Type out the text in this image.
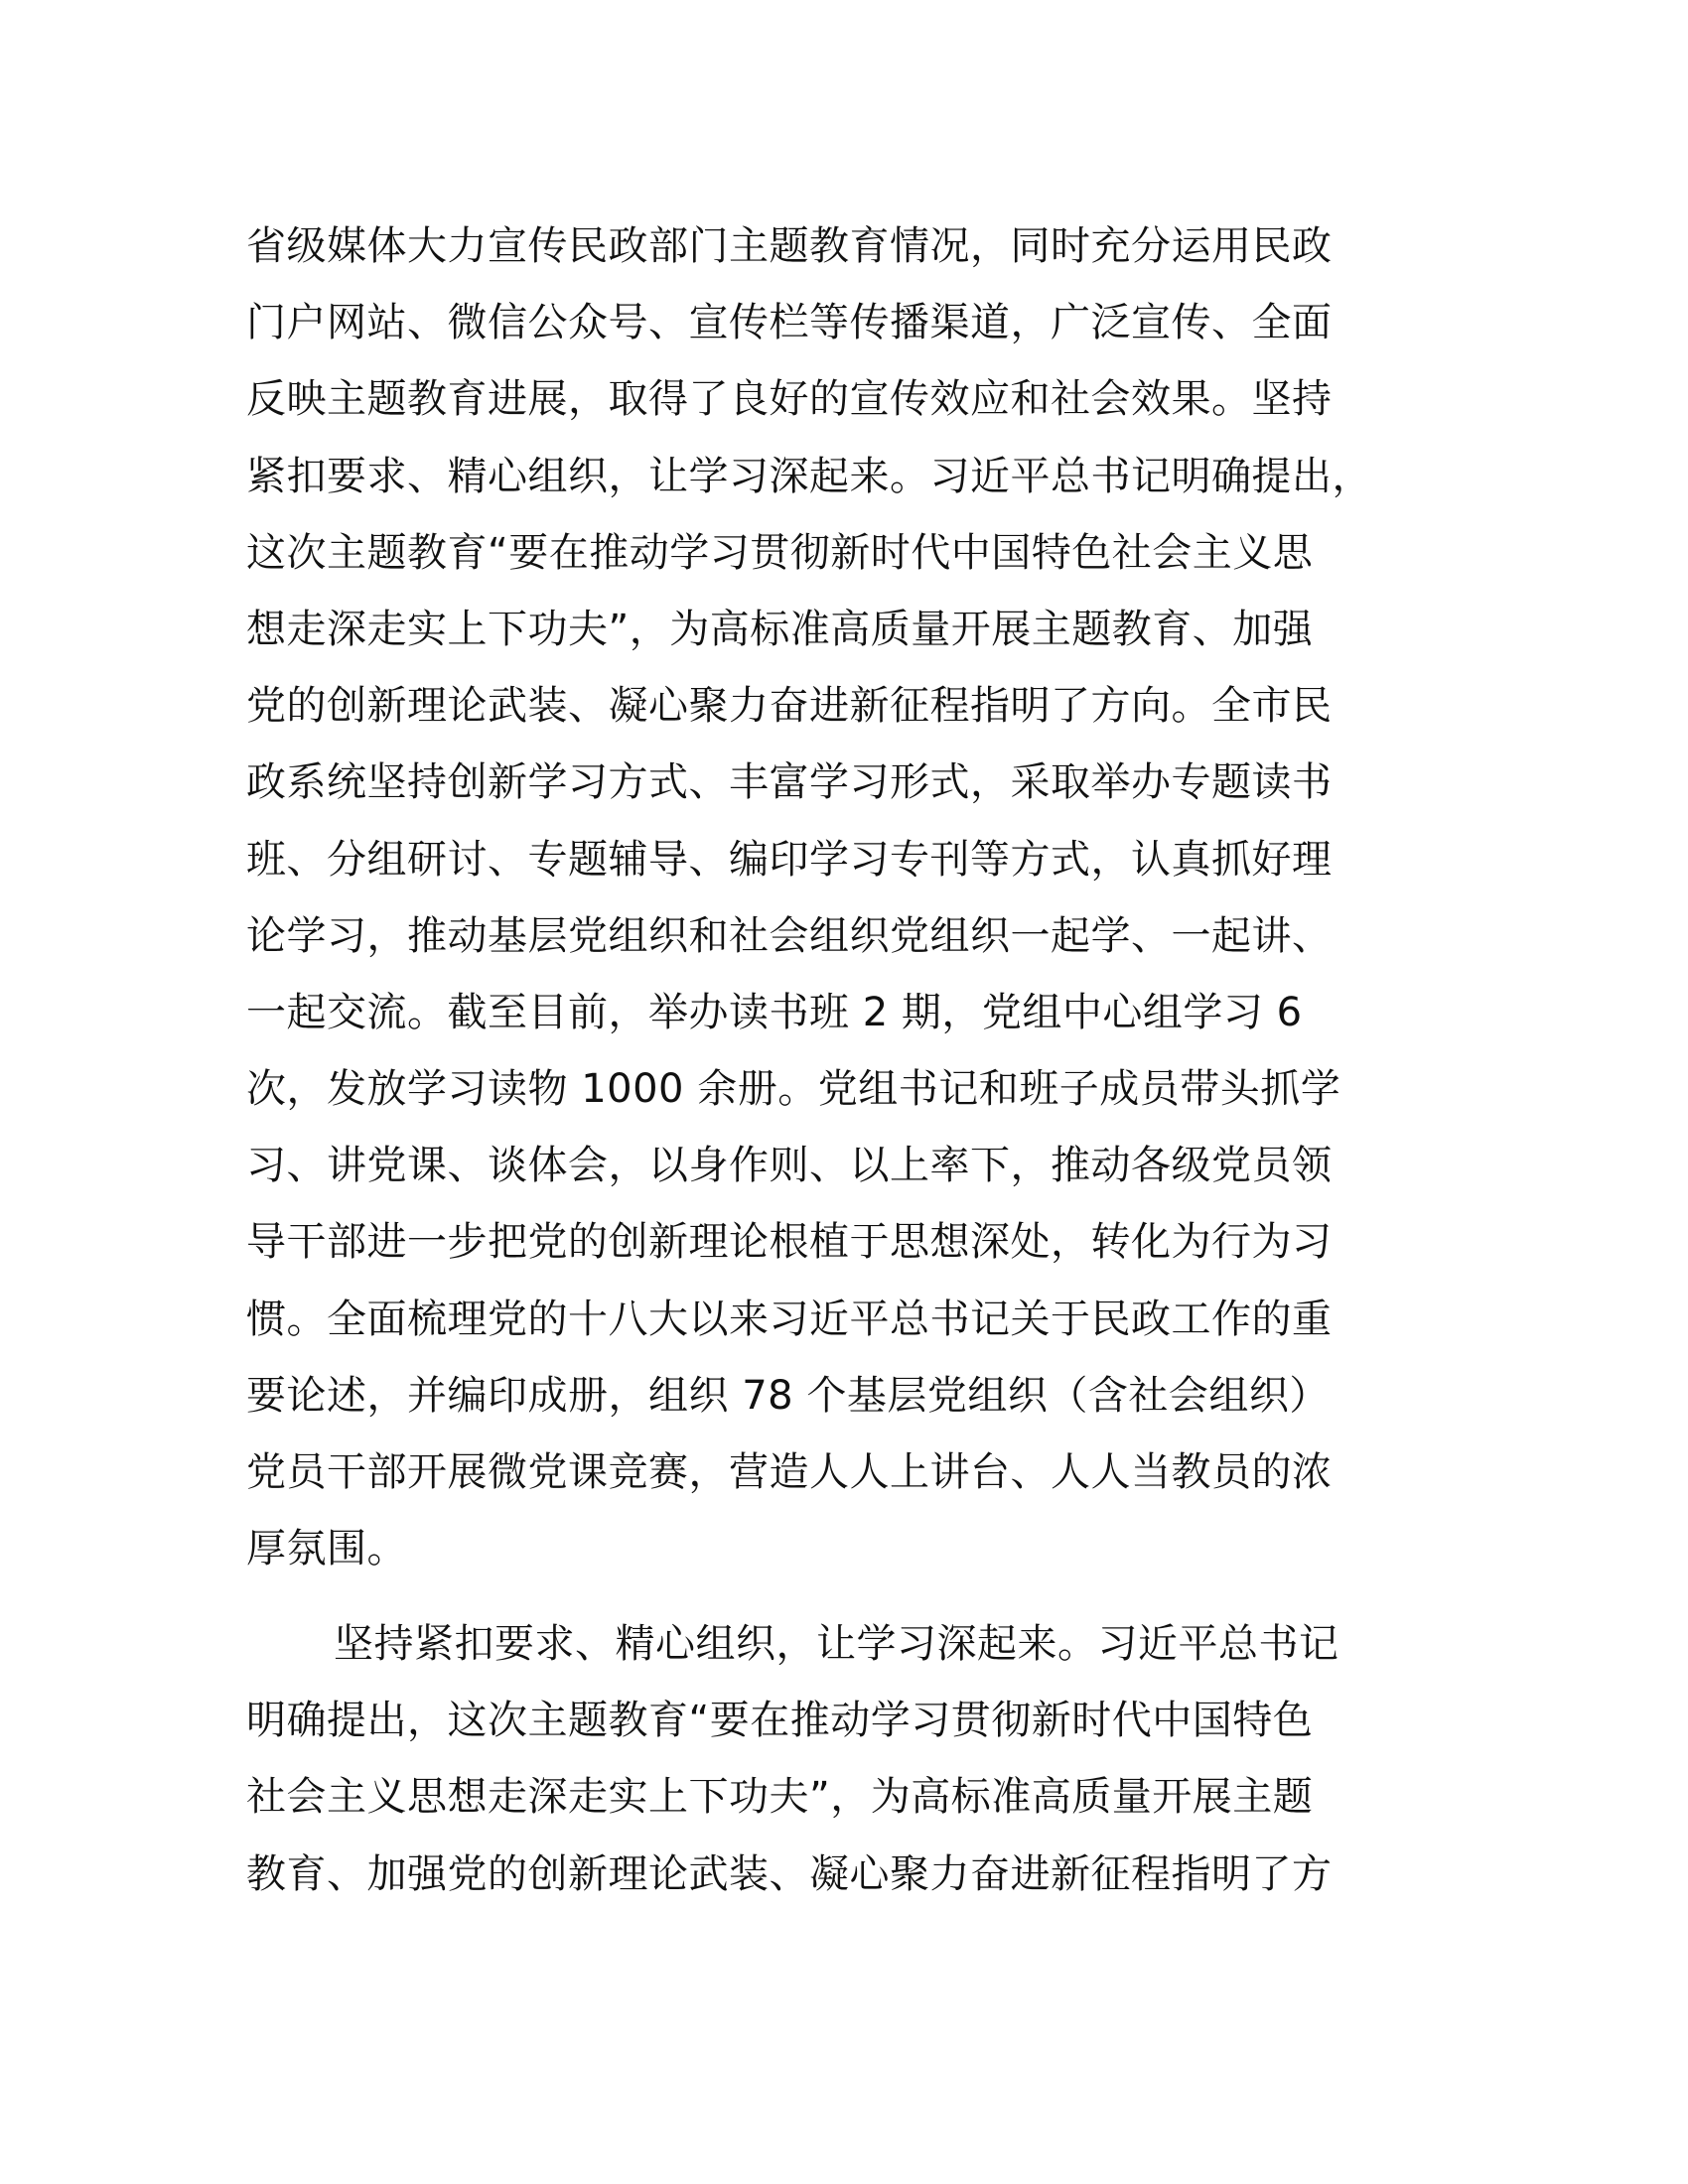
省级媒体大力宣传民政部门主题教育情况，同时充分运用民政
门户网站、微信公众号、宣传栏等传播渠道，广泛宣传、全面
反映主题教育进展，取得了良好的宣传效应和社会效果。坚持
紧扣要求、精心组织，让学习深起来。习近平总书记明确提出，
这次主题教育“要在推动学习贯彻新时代中国特色社会主义思
想走深走实上下功夫”，为高标准高质量开展主题教育、加强
党的创新理论武装、凝心聚力奋进新征程指明了方向。全市民
政系统坚持创新学习方式、丰富学习形式，采取举办专题读书
班、分组研讨、专题辅导、编印学习专刊等方式，认真抓好理
论学习，推动基层党组织和社会组织党组织一起学、一起讲、
一起交流。截至目前，举办读书班 2 期，党组中心组学习 6
次，发放学习读物 1000 余册。党组书记和班子成员带头抓学
习、讲党课、谈体会，以身作则、以上率下，推动各级党员领
导干部进一步把党的创新理论根植于思想深处，转化为行为习
惯。全面梳理党的十八大以来习近平总书记关于民政工作的重
要论述，并编印成册，组织 78 个基层党组织（含社会组织）
党员干部开展微党课竞赛，营造人人上讲台、人人当教员的浓
厚氛围。
坚持紧扣要求、精心组织，让学习深起来。习近平总书记
明确提出，这次主题教育“要在推动学习贯彻新时代中国特色
社会主义思想走深走实上下功夫”，为高标准高质量开展主题
教育、加强党的创新理论武装、凝心聚力奋进新征程指明了方
